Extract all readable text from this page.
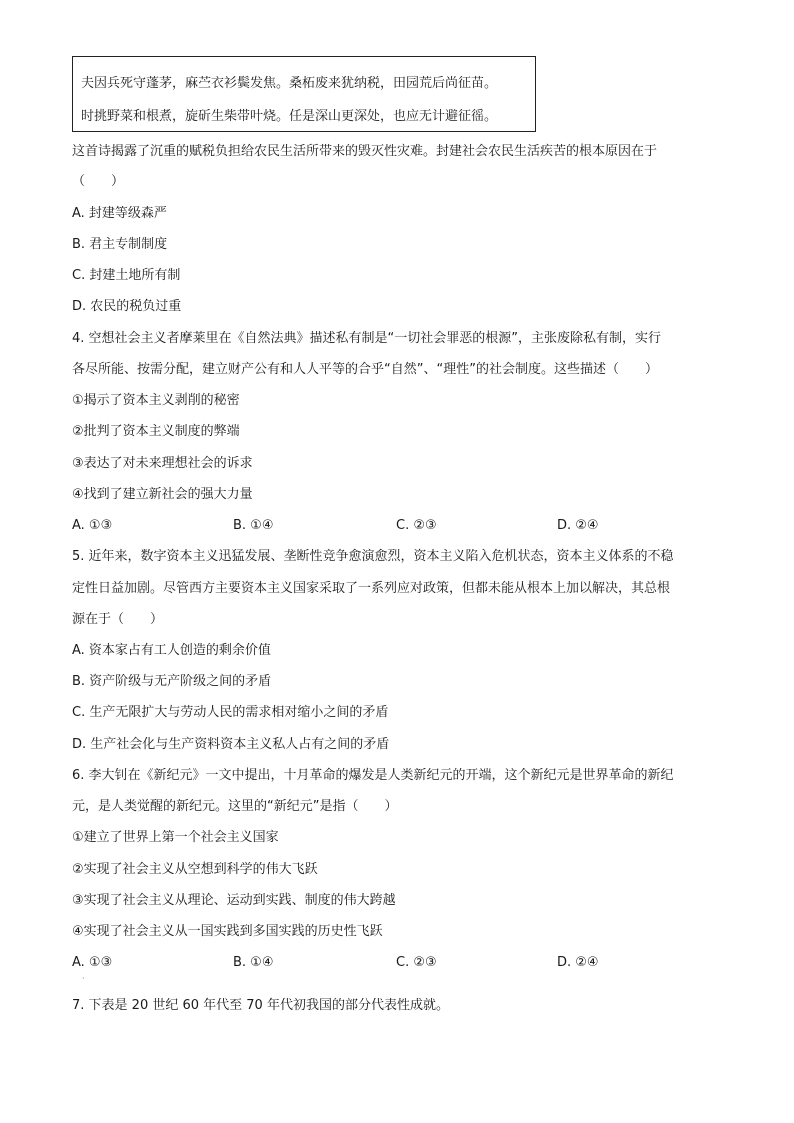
夫因兵死守蓬茅，麻苎衣衫鬓发焦。桑柘废来犹纳税，田园荒后尚征苗。
时挑野菜和根煮，旋斫生柴带叶烧。任是深山更深处，也应无计避征徭。
这首诗揭露了沉重的赋税负担给农民生活所带来的毁灭性灾难。封建社会农民生活疾苦的根本原因在于
（　　）
A. 封建等级森严
B. 君主专制制度
C. 封建土地所有制
D. 农民的税负过重
4. 空想社会主义者摩莱里在《自然法典》描述私有制是“一切社会罪恶的根源”，主张废除私有制，实行
各尽所能、按需分配，建立财产公有和人人平等的合乎“自然”、“理性”的社会制度。这些描述（　　）
①揭示了资本主义剥削的秘密
②批判了资本主义制度的弊端
③表达了对未来理想社会的诉求
④找到了建立新社会的强大力量
A. ①③	B. ①④	C. ②③	D. ②④
5. 近年来，数字资本主义迅猛发展、垄断性竞争愈演愈烈，资本主义陷入危机状态，资本主义体系的不稳
定性日益加剧。尽管西方主要资本主义国家采取了一系列应对政策，但都未能从根本上加以解决，其总根
源在于（　　）
A. 资本家占有工人创造的剩余价值
B. 资产阶级与无产阶级之间的矛盾
C. 生产无限扩大与劳动人民的需求相对缩小之间的矛盾
D. 生产社会化与生产资料资本主义私人占有之间的矛盾
6. 李大钊在《新纪元》一文中提出，十月革命的爆发是人类新纪元的开端，这个新纪元是世界革命的新纪
元，是人类觉醒的新纪元。这里的“新纪元”是指（　　）
①建立了世界上第一个社会主义国家
②实现了社会主义从空想到科学的伟大飞跃
③实现了社会主义从理论、运动到实践、制度的伟大跨越
④实现了社会主义从一国实践到多国实践的历史性飞跃
A. ①③	B. ①④	C. ②③	D. ②④
·
7. 下表是 20 世纪 60 年代至 70 年代初我国的部分代表性成就。
